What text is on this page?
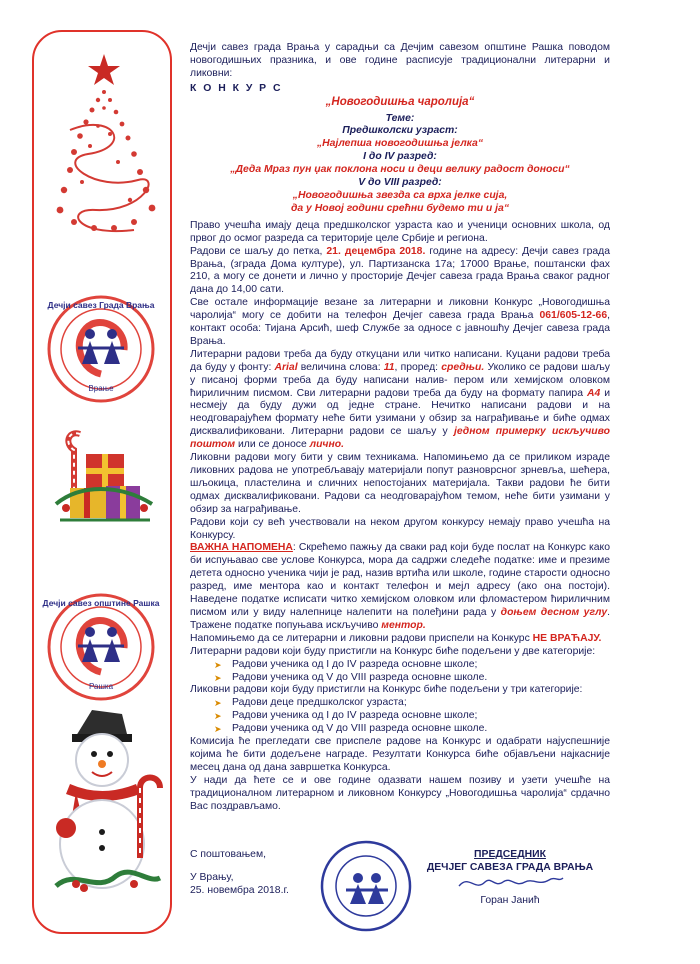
Дечји савез Града Врања
Врање
Дечји савез општине Рашка
Рашка

Дечји савез града Врања у сарадњи са Дечјим савезом општине Рашка поводом новогодишњих празника, и ове године расписује традиционални литерарни и ликовни:

К О Н К У Р С

„Новогодишња чаролија“

Теме:

Предшколски узраст:

„Најлепша новогодишња јелка“

I до IV разред:

„Деда Мраз пун џак поклона носи и деци велику радост доноси“

V до VIII разред:

„Новогодишња звезда са врха јелке сија,

да у Новој години срећни будемо ти и ја“

Право учешћа имају деца предшколског узраста као и ученици основних школа, од првог до осмог разреда са територије целе Србије и региона.

Радови се шаљу до петка, 21. децембра 2018. године на адресу: Дечји савез града Врања, (зграда Дома културе), ул. Партизанска 17а; 17000 Врање, поштански фах 210, а могу се донети и лично у просторије Дечјег савеза града Врања сваког радног дана до 14,00 сати.

Све остале информације везане за литерарни и ликовни Конкурс „Новогодишња чаролија“ могу се добити на телефон Дечјег савеза града Врања 061/605-12-66, контакт особа: Тијана Арсић, шеф Службе за односе с јавношћу Дечјег савеза града Врања.

Литерарни радови треба да буду откуцани или читко написани. Куцани радови треба да буду у фонту: Arial величина слова: 11, проред: средњи. Уколико се радови шаљу у писаној форми треба да буду написани налив- пером или хемијском оловком ћириличним писмом. Сви литерарни радови треба да буду на формату папира А4 и несмеју да буду дужи од једне стране. Нечитко написани радови и на неодговарајућем формату неће бити узимани у обзир за награђивање и биће одмах дисквалификовани. Литерарни радови се шаљу у једном примерку искључиво поштом или се доносе лично.

Ликовни радови могу бити у свим техникама. Напомињемо да се приликом израде ликовних радова не употребљавају материјали попут разноврсног зрневља, шећера, шљокица, пластелина и сличних непостојаних материјала. Такви радови ће бити одмах дисквалификовани. Радови са неодговарајућом темом, неће бити узимани у обзир за награђивање.

Радови који су већ учествовали на неком другом конкурсу немају право учешћа на Конкурсу.

ВАЖНА НАПОМЕНА: Скрећемо пажњу да сваки рад који буде послат на Конкурс како би испуњавао све услове Конкурса, мора да садржи следеће податке: име и презиме детета односно ученика чији је рад, назив вртића или школе, године старости односно разред, име ментора као и контакт телефон и мејл адресу (ако она постоји). Наведене податке исписати читко хемијском оловком или фломастером ћириличним писмом или у виду налепнице налепити на полеђини рада у доњем десном углу. Тражене податке попуњава искључиво ментор.

Напомињемо да се литерарни и ликовни радови приспели на Конкурс НЕ ВРАЋАЈУ.

Литерарни радови који буду пристигли на Конкурс биће подељени у две категорије:

➤ Радови ученика од I до IV разреда основне школе;
➤ Радови ученика од V до VIII разреда основне школе.

Ликовни радови који буду пристигли на Конкурс биће подељени у три категорије:

➤ Радови деце предшколског узраста;
➤ Радови ученика од I до IV разреда основне школе;
➤ Радови ученика од V до VIII разреда основне школе.

Комисија ће прегледати све приспеле радове на Конкурс и одабрати најуспешније којима ће бити додељене награде. Резултати Конкурса биће објављени најкасније месец дана од дана завршетка Конкурса.

У нади да ћете се и ове године одазвати нашем позиву и узети учешће на традиционалном литерарном и ликовном Конкурсу „Новогодишња чаролија“ срдачно Вас поздрављамо.

С поштовањем,
У Врању,
25. новембра 2018.г.
ПРЕДСЕДНИК
ДЕЧЈЕГ САВЕЗА ГРАДА ВРАЊА
Горан Јанић
